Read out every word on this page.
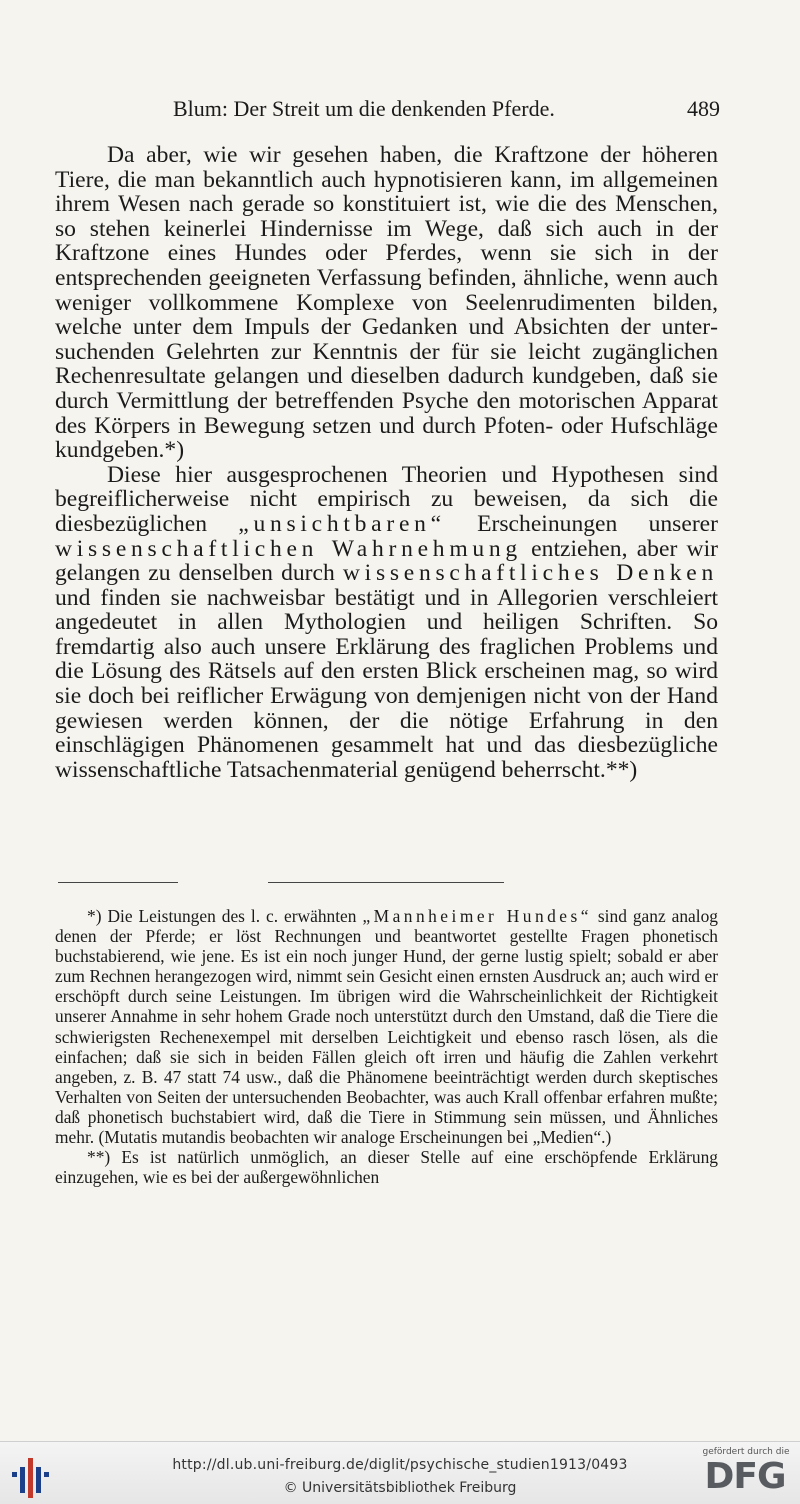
Blum: Der Streit um die denkenden Pferde.	489

Da aber, wie wir gesehen haben, die Kraftzone der höheren Tiere, die man bekanntlich auch hypnotisieren kann, im allgemeinen ihrem Wesen nach gerade so konstituiert ist, wie die des Menschen, so stehen keinerlei Hindernisse im Wege, daß sich auch in der Kraftzone eines Hundes oder Pferdes, wenn sie sich in der entsprechenden geeigneten Verfassung befinden, ähnliche, wenn auch weniger vollkommene Komplexe von Seelenrudimenten bilden, welche unter dem Impuls der Gedanken und Absichten der untersuchenden Gelehrten zur Kenntnis der für sie leicht zugänglichen Rechenresultate gelangen und dieselben dadurch kundgeben, daß sie durch Vermittlung der betreffenden Psyche den motorischen Apparat des Körpers in Bewegung setzen und durch Pfoten- oder Hufschläge kundgeben.*)

Diese hier ausgesprochenen Theorien und Hypothesen sind begreiflicherweise nicht empirisch zu beweisen, da sich die diesbezüglichen „unsichtbaren“ Erscheinungen unserer wissenschaftlichen Wahrnehmung entziehen, aber wir gelangen zu denselben durch wissenschaftliches Denken und finden sie nachweisbar bestätigt und in Allegorien verschleiert angedeutet in allen Mythologien und heiligen Schriften. So fremdartig also auch unsere Erklärung des fraglichen Problems und die Lösung des Rätsels auf den ersten Blick erscheinen mag, so wird sie doch bei reiflicher Erwägung von demjenigen nicht von der Hand gewiesen werden können, der die nötige Erfahrung in den einschlägigen Phänomenen gesammelt hat und das diesbezügliche wissenschaftliche Tatsachenmaterial genügend beherrscht.**)

*) Die Leistungen des l. c. erwähnten „Mannheimer Hundes“ sind ganz analog denen der Pferde; er löst Rechnungen und beantwortet gestellte Fragen phonetisch buchstabierend, wie jene. Es ist ein noch junger Hund, der gerne lustig spielt; sobald er aber zum Rechnen herangezogen wird, nimmt sein Gesicht einen ernsten Ausdruck an; auch wird er erschöpft durch seine Leistungen. Im übrigen wird die Wahrscheinlichkeit der Richtigkeit unserer Annahme in sehr hohem Grade noch unterstützt durch den Umstand, daß die Tiere die schwierigsten Rechenexempel mit derselben Leichtigkeit und ebenso rasch lösen, als die einfachen; daß sie sich in beiden Fällen gleich oft irren und häufig die Zahlen verkehrt angeben, z. B. 47 statt 74 usw., daß die Phänomene beeinträchtigt werden durch skeptisches Verhalten von Seiten der untersuchenden Beobachter, was auch Krall offenbar erfahren mußte; daß phonetisch buchstabiert wird, daß die Tiere in Stimmung sein müssen, und Ähnliches mehr. (Mutatis mutandis beobachten wir analoge Erscheinungen bei „Medien“.)

**) Es ist natürlich unmöglich, an dieser Stelle auf eine erschöpfende Erklärung einzugehen, wie es bei der außergewöhnlichen

http://dl.ub.uni-freiburg.de/diglit/psychische_studien1913/0493
© Universitätsbibliothek Freiburg
gefördert durch die
DFG
